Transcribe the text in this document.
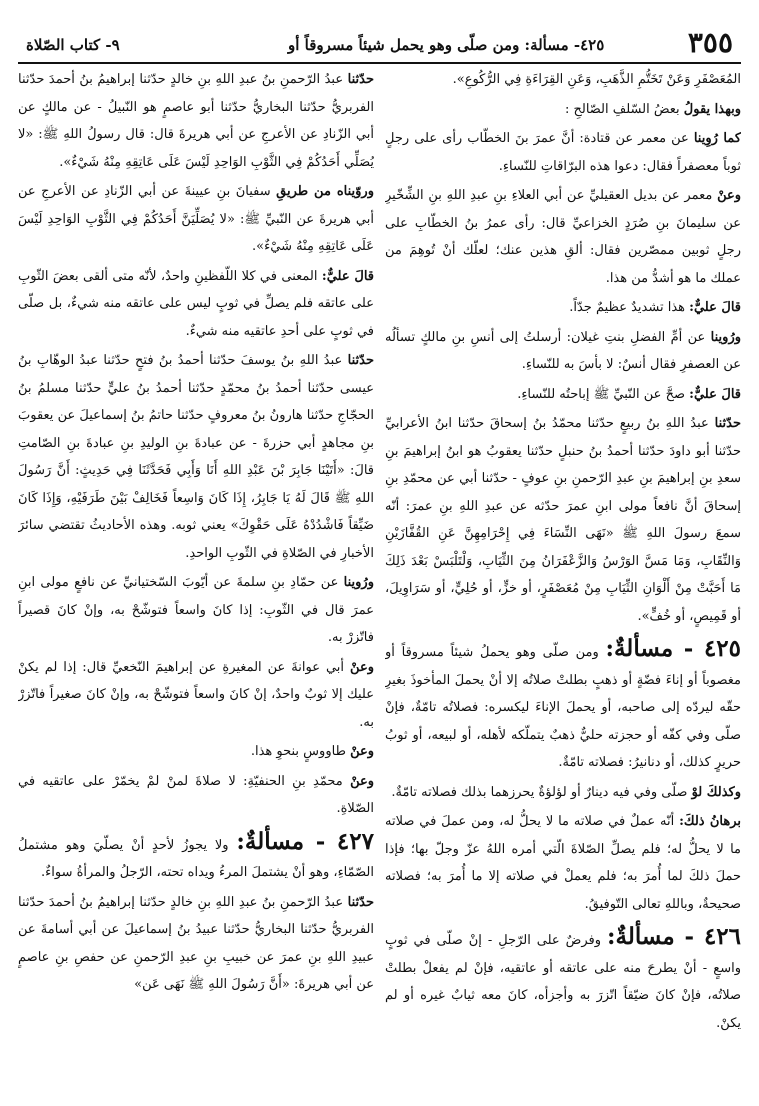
٣٥٥
٤٢٥- مسألة: ومن صلّى وهو يحمل شيئاً مسروقاً أو
٩- كتاب الصّلاة

المُعَصْفَرِ وَعَنْ تَخَتُّمِ الذَّهَبِ، وَعَنِ القِرَاءَةِ فِي الرُّكُوعِ».

وبهذا يقولُ بعضُ السّلفِ الصّالحِ :

كما رُوِينا عن معمر عن قتادة: أنَّ عمرَ بنَ الخطّاب رأى على رجلٍ ثوباً معصفراً فقال: دعوا هذه البرّاقاتِ للنّساءِ.

وعنْ معمر عن بديل العقيليِّ عن أبي العلاءِ بنِ عبدِ اللهِ بنِ الشِّخّيرِ عن سليمانَ بنِ صُرَدٍ الخزاعيِّ قال: رأى عمرُ بنُ الخطّابِ على رجلٍ ثوبين ممصّرين فقال: ألقِ هذين عنك؛ لعلّك أنْ تُوهِمَ من عملك ما هو أشدُّ من هذا.

قالَ عليٌّ: هذا تشديدٌ عظيمٌ جدّاً.

ورُوينا عن أمِّ الفضلِ بنتِ غيلان: أرسلتُ إلى أنسِ بنِ مالكٍ تسألُه عن العصفرِ فقال أنسٌ: لا بأسَ به للنّساءِ.

قالَ عليٌّ: صحَّ عن النّبيِّ ﷺ إباحتُه للنّساءِ.

حدّثنا عبدُ اللهِ بنُ ربيعٍ حدّثنا محمّدُ بنُ إسحاقَ حدّثنا ابنُ الأعرابيِّ حدّثنا أبو داودَ حدّثنا أحمدُ بنُ حنبلٍ حدّثنا يعقوبُ هو ابنُ إبراهيمَ بنِ سعدِ بنِ إبراهيمَ بنِ عبدِ الرّحمنِ بنِ عوفٍ - حدّثنا أبي عن محمّدِ بنِ إسحاقَ أنَّ نافعاً مولى ابنِ عمرَ حدّثه عن عبدِ اللهِ بنِ عمرَ: أنّه سمعَ رسولَ اللهِ ﷺ «نَهَى النِّسَاءَ فِي إِحْرَامِهِنَّ عَنِ القُفَّازَيْنِ وَالنِّقَابِ، وَمَا مَسَّ الوَرْسُ وَالزَّعْفَرَانُ مِنَ الثِّيَابِ، وَلْتَلْبَسْ بَعْدَ ذَلِكَ مَا أَحَبَّتْ مِنْ أَلْوَانِ الثِّيَابِ مِنْ مُعَصْفَرٍ، أو خزٍّ، أو حُلِيٍّ، أو سَرَاوِيلَ، أو قَمِيصٍ، أو خُفٍّ».

٤٢٥ - مسألةٌ: ومن صلّى وهو يحملُ شيئاً مسروقاً أو مغصوباً أو إناءَ فضّةٍ أو ذهبٍ بطلتْ صلاتُه إلا أنْ يحملَ المأخوذَ بغيرِ حقّه ليردّه إلى صاحبه، أو يحملَ الإناءَ ليكسره: فصلاتُه تامّةٌ، فإنْ صلّى وفي كفّه أو حجزته حليٌّ ذهبٌ يتملّكه لأهله، أو لبيعه، أو ثوبُ حريرٍ كذلك، أو دنانيرُ: فصلاته تامّةٌ.

وكذلكَ لوْ صلّى وفي فيه دينارٌ أو لؤلؤةٌ يحرزهما بذلك فصلاته تامّةٌ.

برهانُ ذلكَ: أنّه عملٌ في صلاته ما لا يحلُّ له، ومن عملَ في صلاته ما لا يحلُّ له؛ فلم يصلِّ الصّلاةَ الّتي أمره اللهُ عزّ وجلّ بها؛ فإذا حملَ ذلكَ لما أُمرَ به؛ فلم يعملْ في صلاته إلا ما أُمرَ به؛ فصلاته صحيحةٌ، وباللهِ تعالى التّوفيقُ.

٤٢٦ - مسألةٌ: وفرضٌ على الرّجلِ - إنْ صلّى في ثوبٍ واسعٍ - أنْ يطرحَ منه على عاتقه أو عاتقيه، فإنْ لم يفعلْ بطلتْ صلاتُه، فإنْ كانَ ضيّقاً اتّزرَ به وأجزأه، كانَ معه ثيابٌ غيره أو لم يكنْ.

حدّثنا عبدُ الرّحمنِ بنُ عبدِ اللهِ بنِ خالدٍ حدّثنا إبراهيمُ بنُ أحمدَ حدّثنا الفربريُّ حدّثنا البخاريُّ حدّثنا أبو عاصمٍ هو النّبيلُ - عن مالكٍ عن أبي الزّنادِ عن الأعرجِ عن أبي هريرةَ قال: قال رسولُ اللهِ ﷺ: «لا يُصَلِّي أَحَدُكُمْ فِي الثَّوْبِ الوَاحِدِ لَيْسَ عَلَى عَاتِقِهِ مِنْهُ شَيْءٌ».

وروّيناه من طريقِ سفيانَ بنِ عيينةَ عن أبي الزّنادِ عن الأعرجِ عن أبي هريرةَ عن النّبيِّ ﷺ: «لا يُصَلِّيَنَّ أَحَدُكُمْ فِي الثَّوْبِ الوَاحِدِ لَيْسَ عَلَى عَاتِقِهِ مِنْهُ شَيْءٌ».

قالَ عليٌّ: المعنى في كلا اللّفظينِ واحدٌ، لأنّه متى ألقى بعضَ الثّوبِ على عاتقه فلم يصلِّ في ثوبٍ ليس على عاتقه منه شيءٌ، بل صلّى في ثوبٍ على أحدِ عاتقيه منه شيءٌ.

حدّثنا عبدُ اللهِ بنُ يوسفَ حدّثنا أحمدُ بنُ فتحٍ حدّثنا عبدُ الوهّابِ بنُ عيسى حدّثنا أحمدُ بنُ محمّدٍ حدّثنا أحمدُ بنُ عليٍّ حدّثنا مسلمُ بنُ الحجّاجِ حدّثنا هارونُ بنُ معروفٍ حدّثنا حاتمُ بنُ إسماعيلَ عن يعقوبَ بنِ مجاهدٍ أبي حزرةَ - عن عبادةَ بنِ الوليدِ بنِ عبادةَ بنِ الصّامتِ قالَ: «أَتَيْنَا جَابِرَ بْنَ عَبْدِ اللهِ أَنَا وَأَبِي فَحَدَّثَنَا فِي حَدِيثٍ: أَنَّ رَسُولَ اللهِ ﷺ قَالَ لَهُ يَا جَابِرُ، إِذَا كَانَ وَاسِعاً فَخَالِفْ بَيْنَ طَرَفَيْهِ، وَإِذَا كَانَ ضَيِّقاً فَاشْدُدْهُ عَلَى حَقْوِكَ» يعني ثوبه. وهذه الأحاديثُ تقتضي سائرَ الأخبارِ في الصّلاةِ في الثّوبِ الواحدِ.

ورُوينا عن حمّادِ بنِ سلمةَ عن أيّوبَ السّختيانيِّ عن نافعٍ مولى ابنِ عمرَ قال في الثّوبِ: إذا كانَ واسعاً فتوشّحْ به، وإنْ كانَ قصيراً فاتّزرْ به.

وعنْ أبي عوانةَ عن المغيرةِ عن إبراهيمَ النّخعيِّ قال: إذا لم يكنْ عليك إلا ثوبٌ واحدٌ، إنْ كانَ واسعاً فتوشّحْ به، وإنْ كانَ صغيراً فاتّزرْ به.

وعنْ طاووسٍ بنحوِ هذا.

وعنْ محمّدِ بنِ الحنفيّةِ: لا صلاةَ لمنْ لمْ يخمّرْ على عاتقيه في الصّلاةِ.

٤٢٧ - مسألةٌ: ولا يجوزُ لأحدٍ أنْ يصلّيَ وهو مشتملُ الصّمّاءِ، وهو أنْ يشتملَ المرءُ ويداه تحته، الرّجلُ والمرأةُ سواءٌ.

حدّثنا عبدُ الرّحمنِ بنُ عبدِ اللهِ بنِ خالدٍ حدّثنا إبراهيمُ بنُ أحمدَ حدّثنا الفربريُّ حدّثنا البخاريُّ حدّثنا عبيدُ بنُ إسماعيلَ عن أبي أسامةَ عن عبيدِ اللهِ بنِ عمرَ عن خبيبِ بنِ عبدِ الرّحمنِ عن حفصِ بنِ عاصمٍ عن أبي هريرةَ: «أَنَّ رَسُولَ اللهِ ﷺ نَهَى عَن»
